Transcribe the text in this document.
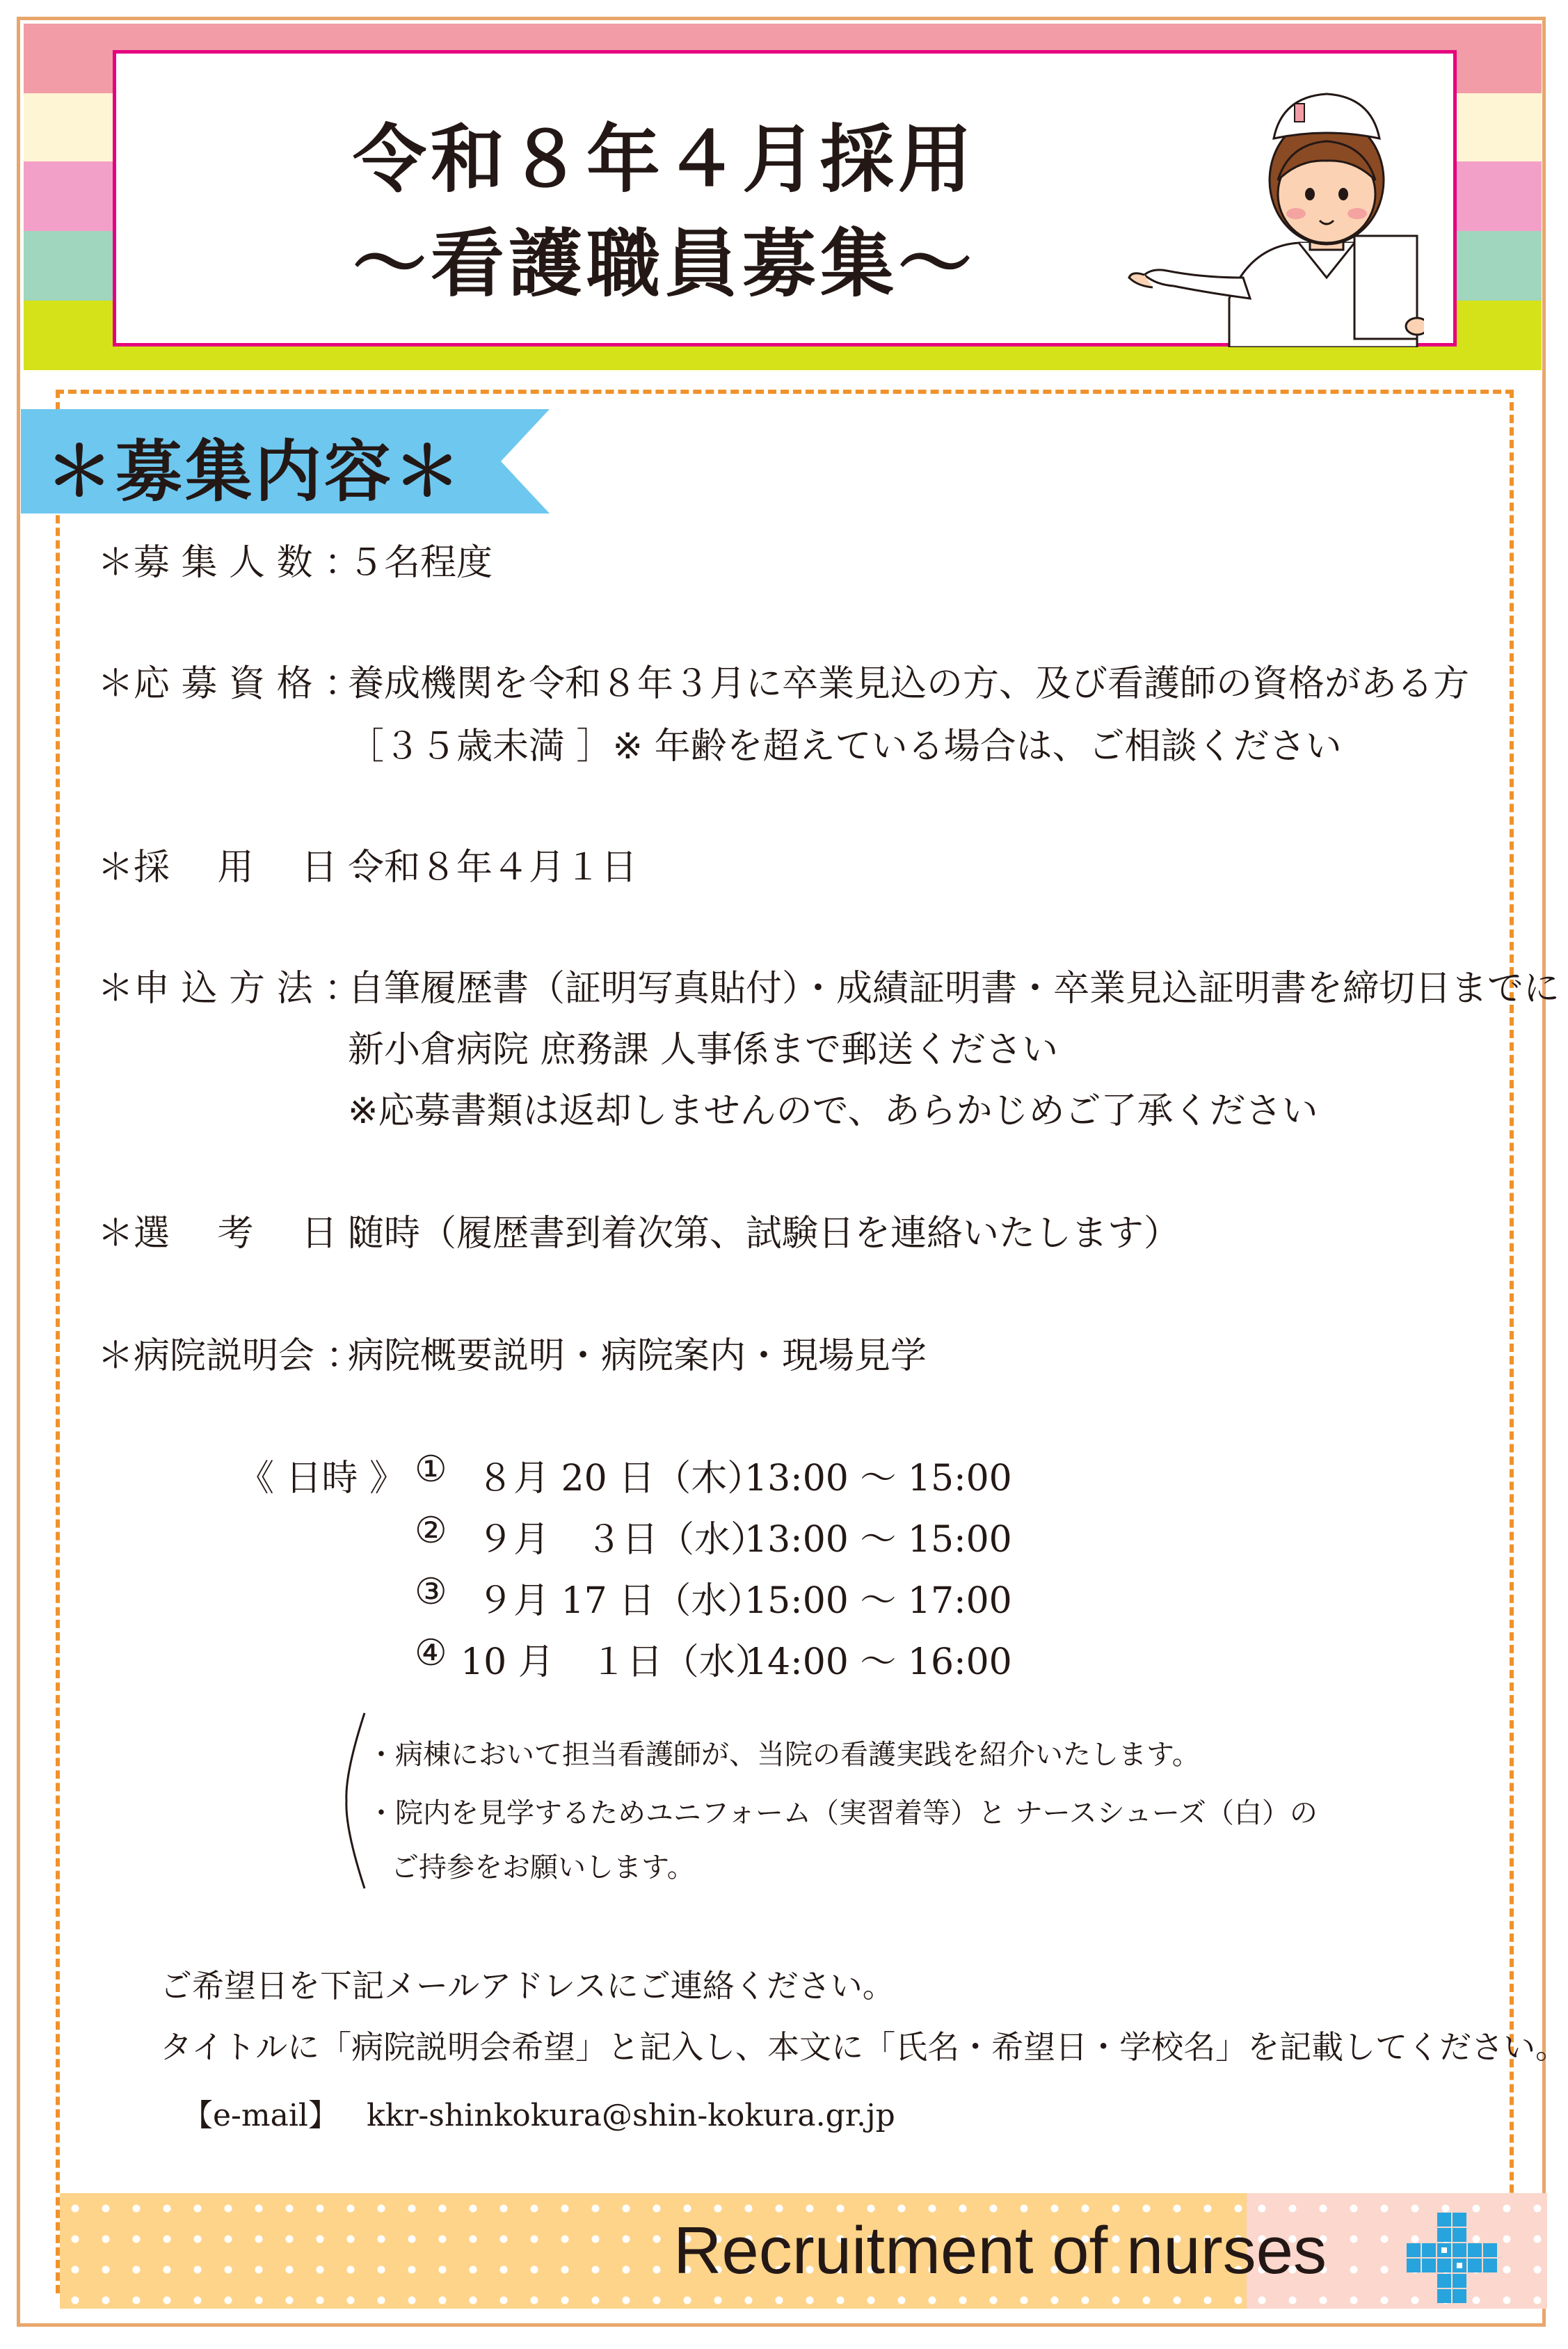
令和８年４月採用
〜看護職員募集〜
＊募集内容＊
＊募 集 人 数 ：
５名程度
＊応 募 資 格 ：
養成機関を令和８年３月に卒業見込の方、及び看護師の資格がある方
［３５歳未満 ］※ 年齢を超えている場合は、ご相談ください
＊採　 用　 日 ：
令和８年４月１日
＊申 込 方 法 ：
自筆履歴書（証明写真貼付）・成績証明書・卒業見込証明書を締切日までに
新小倉病院 庶務課 人事係まで郵送ください
※応募書類は返却しませんので、あらかじめご了承ください
＊選　 考　 日 ：
随時（履歴書到着次第、試験日を連絡いたします）
＊病院説明会 ：
病院概要説明・病院案内・現場見学
《 日時 》 ① ８月 20 日（木）
13:00 〜 15:00
② ９月　３日（水）
13:00 〜 15:00
③ ９月 17 日（水）
15:00 〜 17:00
④ 10 月　１日（水）
14:00 〜 16:00
・病棟において担当看護師が、当院の看護実践を紹介いたします。
・院内を見学するためユニフォーム（実習着等）と ナースシューズ（白）の
ご持参をお願いします。
ご希望日を下記メールアドレスにご連絡ください。
タイトルに「病院説明会希望」と記入し、本文に「氏名・希望日・学校名」を記載してください。
【e-mail】 kkr-shinkokura@shin-kokura.gr.jp
Recruitment of nurses
